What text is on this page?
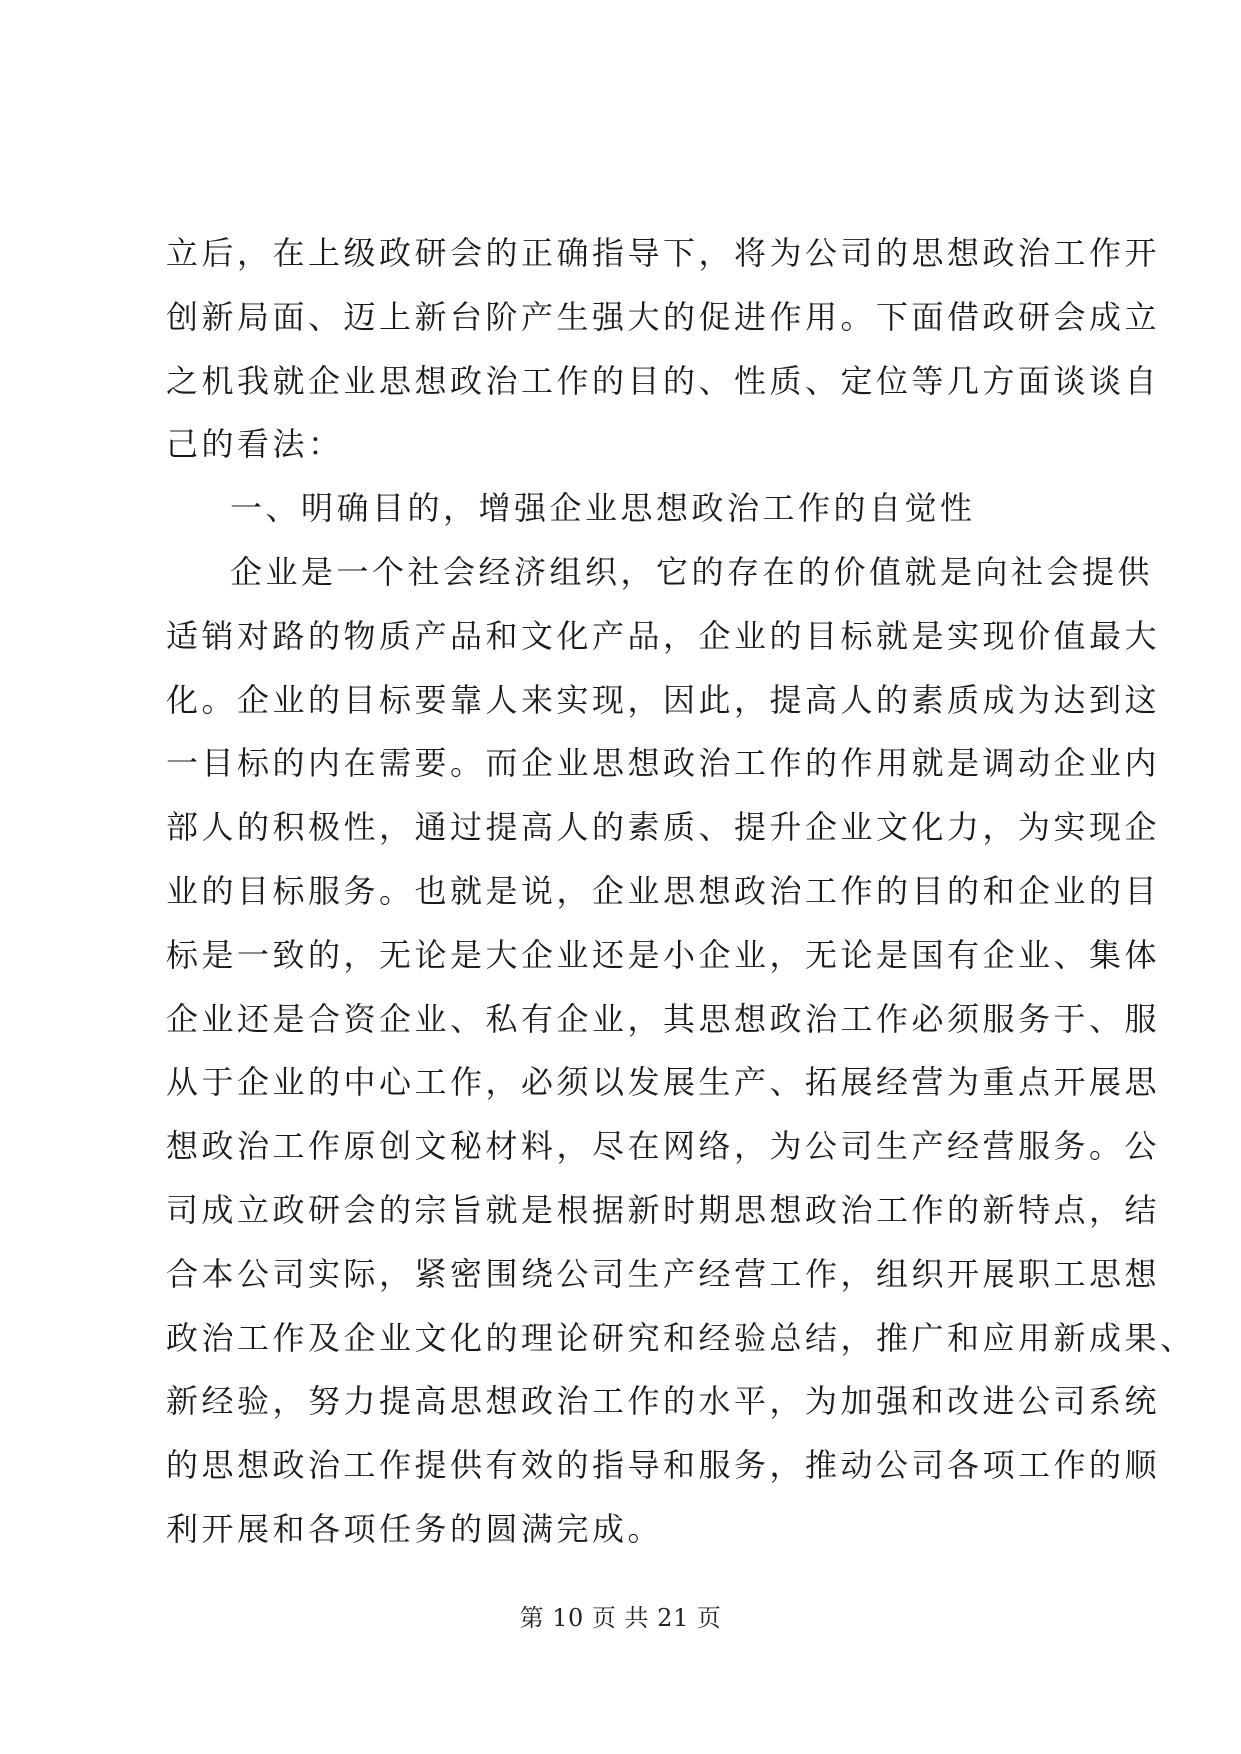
立后，在上级政研会的正确指导下，将为公司的思想政治工作开
创新局面、迈上新台阶产生强大的促进作用。下面借政研会成立
之机我就企业思想政治工作的目的、性质、定位等几方面谈谈自
己的看法：
一、明确目的，增强企业思想政治工作的自觉性
企业是一个社会经济组织，它的存在的价值就是向社会提供
适销对路的物质产品和文化产品，企业的目标就是实现价值最大
化。企业的目标要靠人来实现，因此，提高人的素质成为达到这
一目标的内在需要。而企业思想政治工作的作用就是调动企业内
部人的积极性，通过提高人的素质、提升企业文化力，为实现企
业的目标服务。也就是说，企业思想政治工作的目的和企业的目
标是一致的，无论是大企业还是小企业，无论是国有企业、集体
企业还是合资企业、私有企业，其思想政治工作必须服务于、服
从于企业的中心工作，必须以发展生产、拓展经营为重点开展思
想政治工作原创文秘材料，尽在网络，为公司生产经营服务。公
司成立政研会的宗旨就是根据新时期思想政治工作的新特点，结
合本公司实际，紧密围绕公司生产经营工作，组织开展职工思想
政治工作及企业文化的理论研究和经验总结，推广和应用新成果、
新经验，努力提高思想政治工作的水平，为加强和改进公司系统
的思想政治工作提供有效的指导和服务，推动公司各项工作的顺
利开展和各项任务的圆满完成。
第 10 页 共 21 页
